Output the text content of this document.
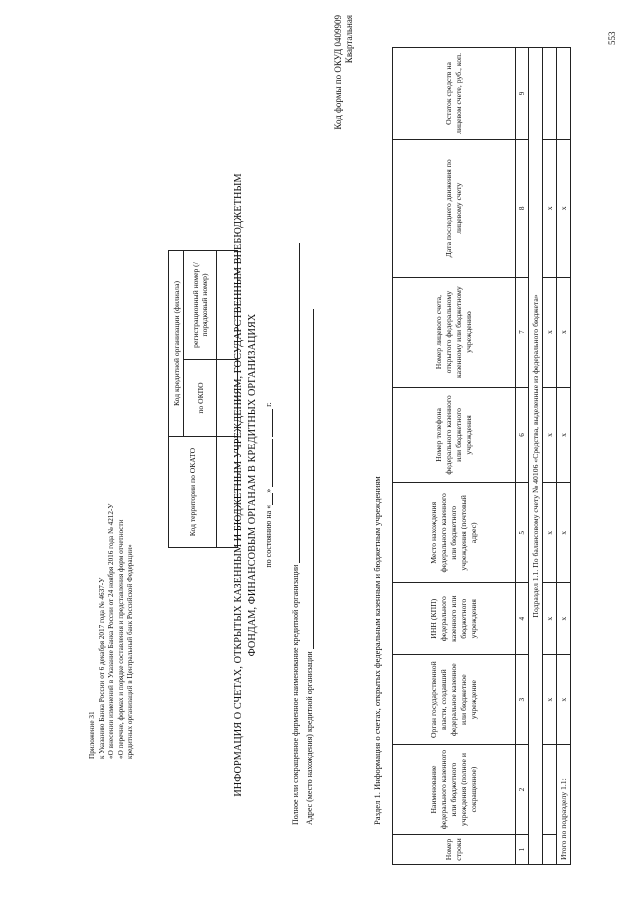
Приложение 31 к Указанию Банка России от 6 декабря 2017 года № 4637-У «О внесении изменений в Указание Банка России от 24 ноября 2016 года № 4212-У «О перечне, формах и порядке составления и представления форм отчетности кредитных организаций в Центральный банк Российской Федерации»
Код территории по ОКАТО	Код кредитной организации (филиала)	
	по ОКПО	регистрационный номер (/порядковый номер)
		ИНФОРМАЦИЯ О СЧЕТАХ, ОТКРЫТЫХ КАЗЕННЫМ И БЮДЖЕТНЫМ УЧРЕЖДЕНИЯМ, ГОСУДАРСТВЕННЫМ ВНЕБЮДЖЕТНЫМ ФОНДАМ, ФИНАНСОВЫМ ОРГАНАМ В КРЕДИТНЫХ ОРГАНИЗАЦИЯХ по состоянию на «»   г.
Полное или сокращенное фирменное наименование кредитной организации Адрес (место нахождения) кредитной организации
Код формы по ОКУД 0409909 Квартальная
Раздел 1. Информация о счетах, открытых федеральным казенным и бюджетным учреждениям
Номер строки	Наименование федерального казенного или бюджетного учреждения (полное и сокращенное)	Орган государственной власти, создавший федеральное казенное или бюджетное учреждение	ИНН (КПП) федерального казенного или бюджетного учреждения	Место нахождения федерального казенного или бюджетного учреждения (почтовый адрес)	Номер телефона федерального казенного или бюджетного учреждения	Номер лицевого счета, открытого федеральному казенному или бюджетному учреждению	Дата последнего движения по лицевому счету	Остаток средств на лицевом счете, руб., коп.
1	2	3	4	5	6	7	8	9
Подраздел 1.1. По балансовому счету № 40106 «Средства, выделенные из федерального бюджета»								
		x	x	x	x	x	x	
Итого по подразделу 1.1:		x	x	x	x	x	x	
553
